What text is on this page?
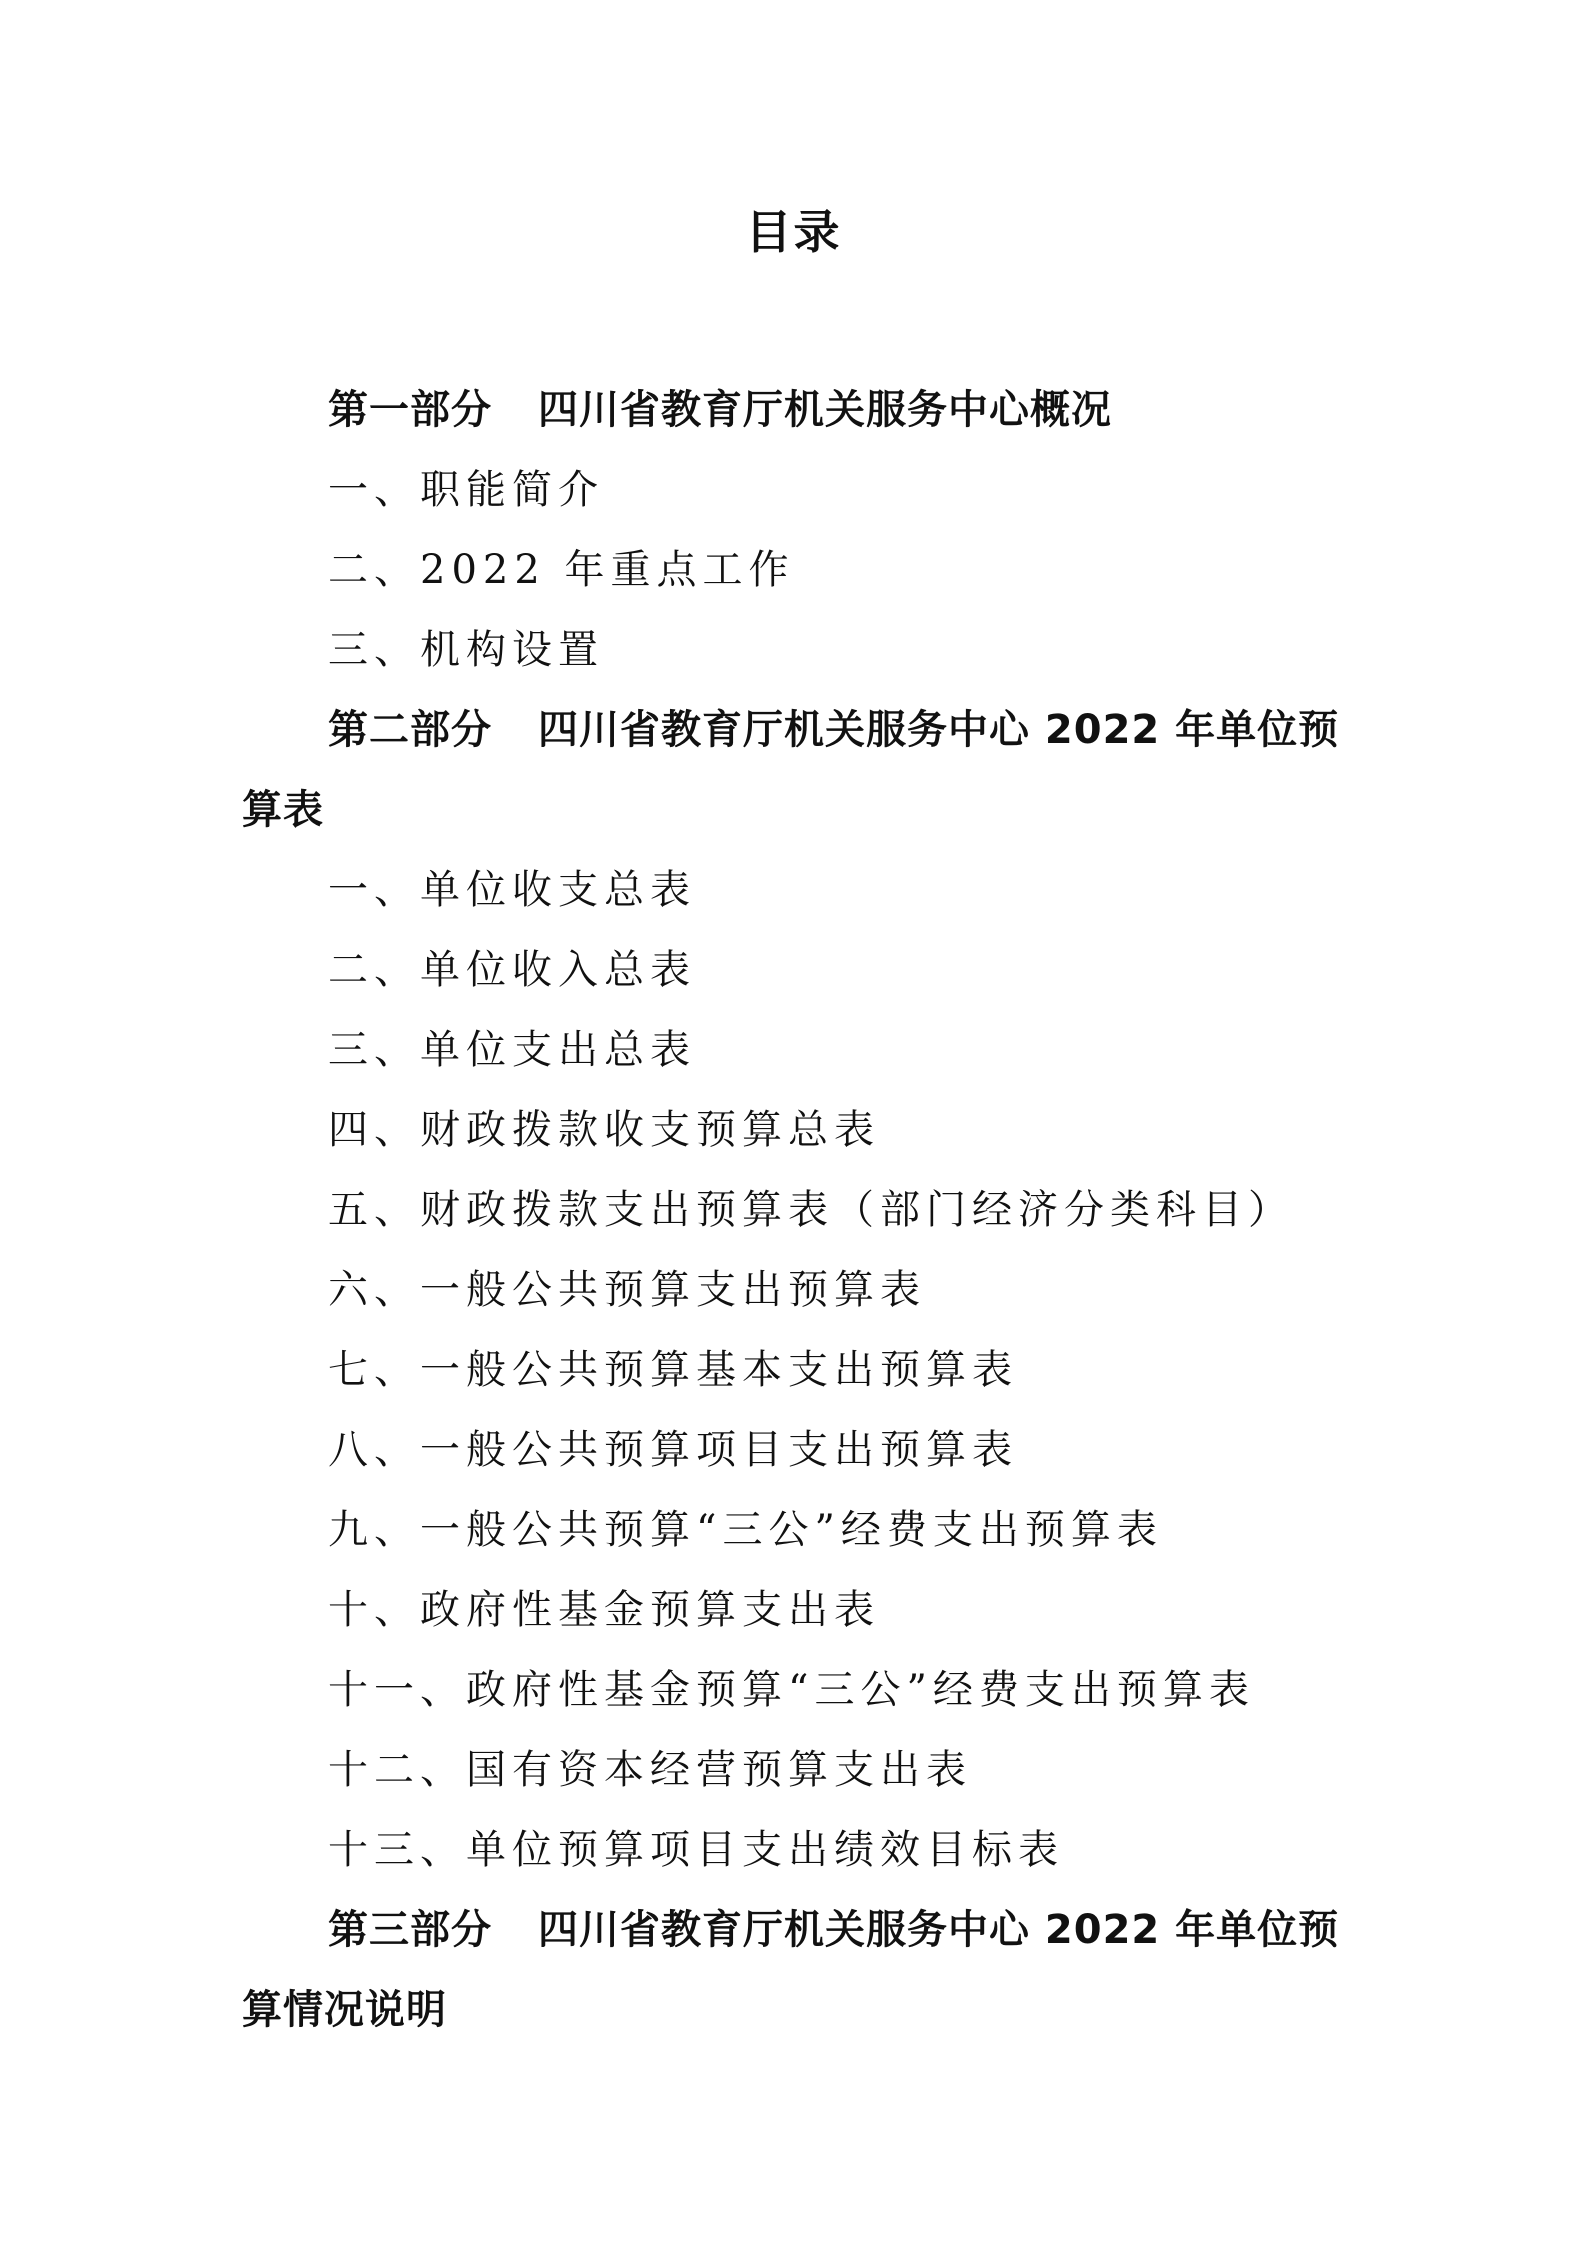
目录
第一部分 四川省教育厅机关服务中心概况
一、职能简介
二、2022 年重点工作
三、机构设置
第二部分 四川省教育厅机关服务中心 2022 年单位预
算表
一、单位收支总表
二、单位收入总表
三、单位支出总表
四、财政拨款收支预算总表
五、财政拨款支出预算表（部门经济分类科目）
六、一般公共预算支出预算表
七、一般公共预算基本支出预算表
八、一般公共预算项目支出预算表
九、一般公共预算“三公”经费支出预算表
十、政府性基金预算支出表
十一、政府性基金预算“三公”经费支出预算表
十二、国有资本经营预算支出表
十三、单位预算项目支出绩效目标表
第三部分 四川省教育厅机关服务中心 2022 年单位预
算情况说明
